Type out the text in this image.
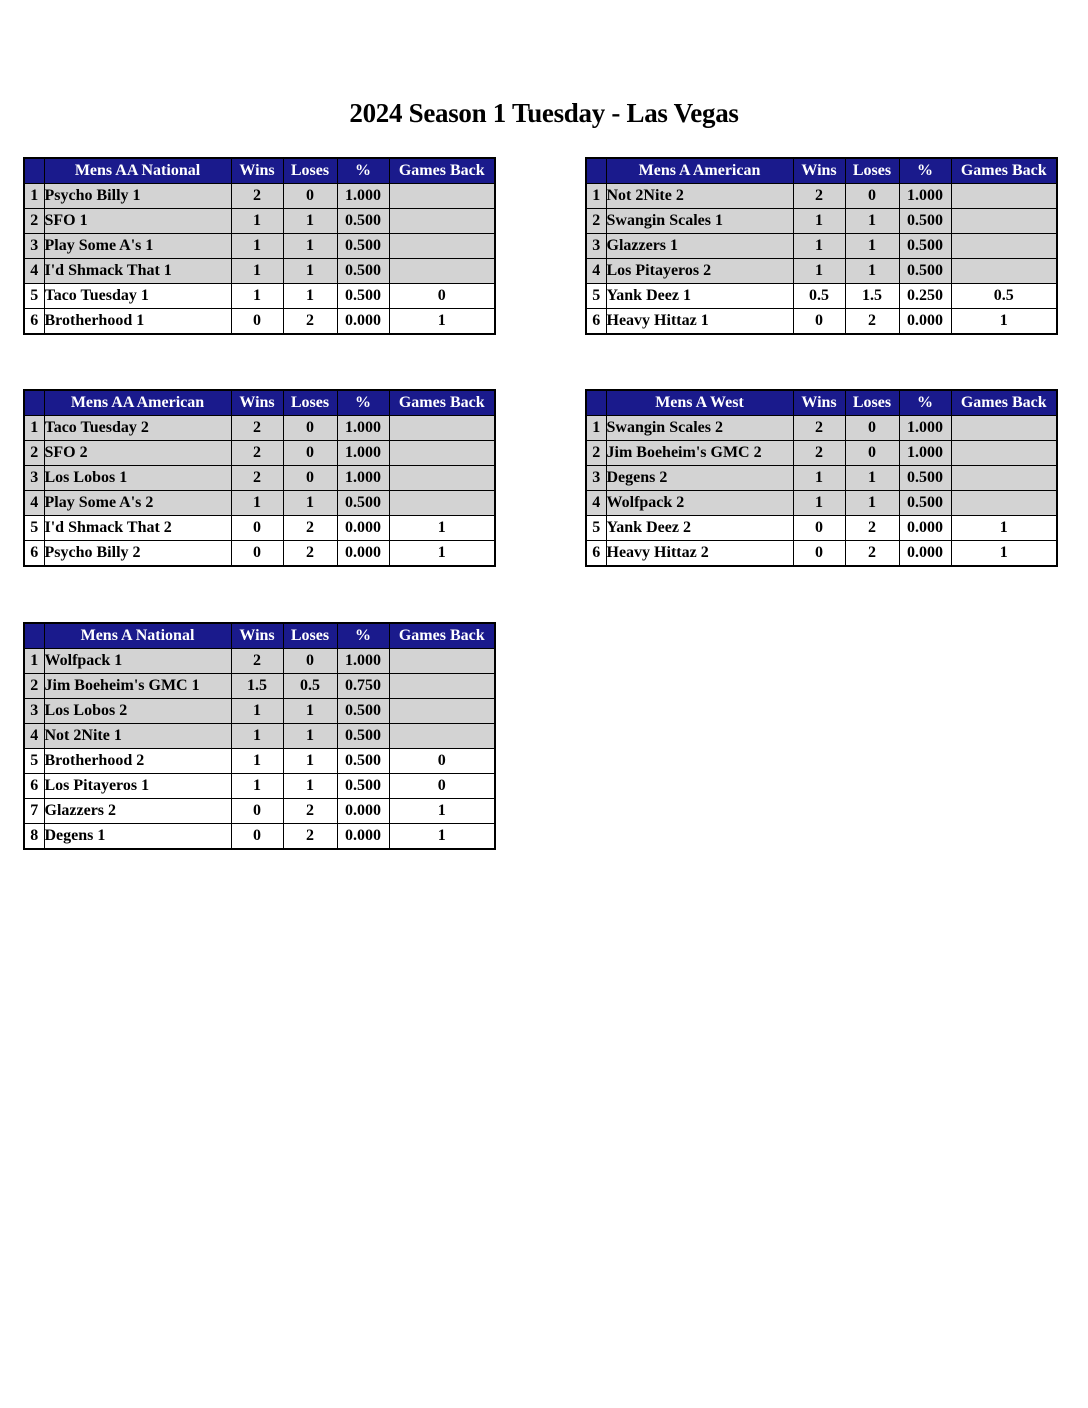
2024 Season 1 Tuesday - Las Vegas
	Mens AA National	Wins	Loses	%	Games Back
1	Psycho Billy 1	2	0	1.000	
2	SFO 1	1	1	0.500	
3	Play Some A's 1	1	1	0.500	
4	I'd Shmack That 1	1	1	0.500	
5	Taco Tuesday 1	1	1	0.500	0
6	Brotherhood 1	0	2	0.000	1
	Mens A American	Wins	Loses	%	Games Back
1	Not 2Nite 2	2	0	1.000	
2	Swangin Scales 1	1	1	0.500	
3	Glazzers 1	1	1	0.500	
4	Los Pitayeros 2	1	1	0.500	
5	Yank Deez 1	0.5	1.5	0.250	0.5
6	Heavy Hittaz 1	0	2	0.000	1
	Mens AA American	Wins	Loses	%	Games Back
1	Taco Tuesday 2	2	0	1.000	
2	SFO 2	2	0	1.000	
3	Los Lobos 1	2	0	1.000	
4	Play Some A's 2	1	1	0.500	
5	I'd Shmack That 2	0	2	0.000	1
6	Psycho Billy 2	0	2	0.000	1
	Mens A West	Wins	Loses	%	Games Back
1	Swangin Scales 2	2	0	1.000	
2	Jim Boeheim's GMC 2	2	0	1.000	
3	Degens 2	1	1	0.500	
4	Wolfpack 2	1	1	0.500	
5	Yank Deez 2	0	2	0.000	1
6	Heavy Hittaz 2	0	2	0.000	1
	Mens A National	Wins	Loses	%	Games Back
1	Wolfpack 1	2	0	1.000	
2	Jim Boeheim's GMC 1	1.5	0.5	0.750	
3	Los Lobos 2	1	1	0.500	
4	Not 2Nite 1	1	1	0.500	
5	Brotherhood 2	1	1	0.500	0
6	Los Pitayeros 1	1	1	0.500	0
7	Glazzers 2	0	2	0.000	1
8	Degens 1	0	2	0.000	1
